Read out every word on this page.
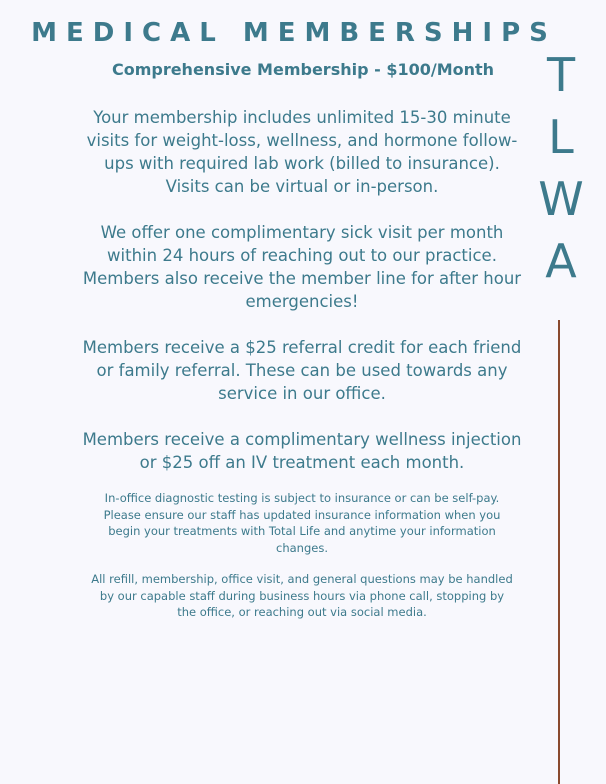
MEDICAL MEMBERSHIPS
Comprehensive Membership - $100/Month
Your membership includes unlimited 15-30 minute visits for weight-loss, wellness, and hormone follow-ups with required lab work (billed to insurance). Visits can be virtual or in-person.
We offer one complimentary sick visit per month within 24 hours of reaching out to our practice. Members also receive the member line for after hour emergencies!
Members receive a $25 referral credit for each friend or family referral. These can be used towards any service in our office.
Members receive a complimentary wellness injection or $25 off an IV treatment each month.
In-office diagnostic testing is subject to insurance or can be self-pay. Please ensure our staff has updated insurance information when you begin your treatments with Total Life and anytime your information changes.
All refill, membership, office visit, and general questions may be handled by our capable staff during business hours via phone call, stopping by the office, or reaching out via social media.
T
L
W
A
